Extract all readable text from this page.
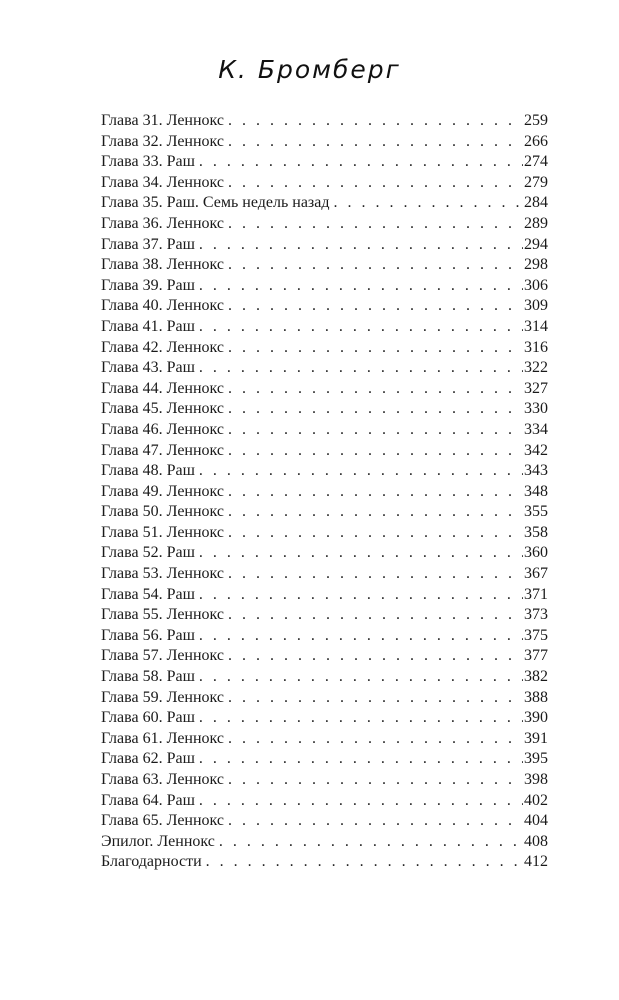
К. Бромберг
Глава 31. Леннокс . . .	259
Глава 32. Леннокс . . .	266
Глава 33. Раш . . .	274
Глава 34. Леннокс . . .	279
Глава 35. Раш. Семь недель назад . . .	284
Глава 36. Леннокс . . .	289
Глава 37. Раш . . .	294
Глава 38. Леннокс . . .	298
Глава 39. Раш . . .	306
Глава 40. Леннокс . . .	309
Глава 41. Раш . . .	314
Глава 42. Леннокс . . .	316
Глава 43. Раш . . .	322
Глава 44. Леннокс . . .	327
Глава 45. Леннокс . . .	330
Глава 46. Леннокс . . .	334
Глава 47. Леннокс . . .	342
Глава 48. Раш . . .	343
Глава 49. Леннокс . . .	348
Глава 50. Леннокс . . .	355
Глава 51. Леннокс . . .	358
Глава 52. Раш . . .	360
Глава 53. Леннокс . . .	367
Глава 54. Раш . . .	371
Глава 55. Леннокс . . .	373
Глава 56. Раш . . .	375
Глава 57. Леннокс . . .	377
Глава 58. Раш . . .	382
Глава 59. Леннокс . . .	388
Глава 60. Раш . . .	390
Глава 61. Леннокс . . .	391
Глава 62. Раш . . .	395
Глава 63. Леннокс . . .	398
Глава 64. Раш . . .	402
Глава 65. Леннокс . . .	404
Эпилог. Леннокс . . .	408
Благодарности . . .	412
